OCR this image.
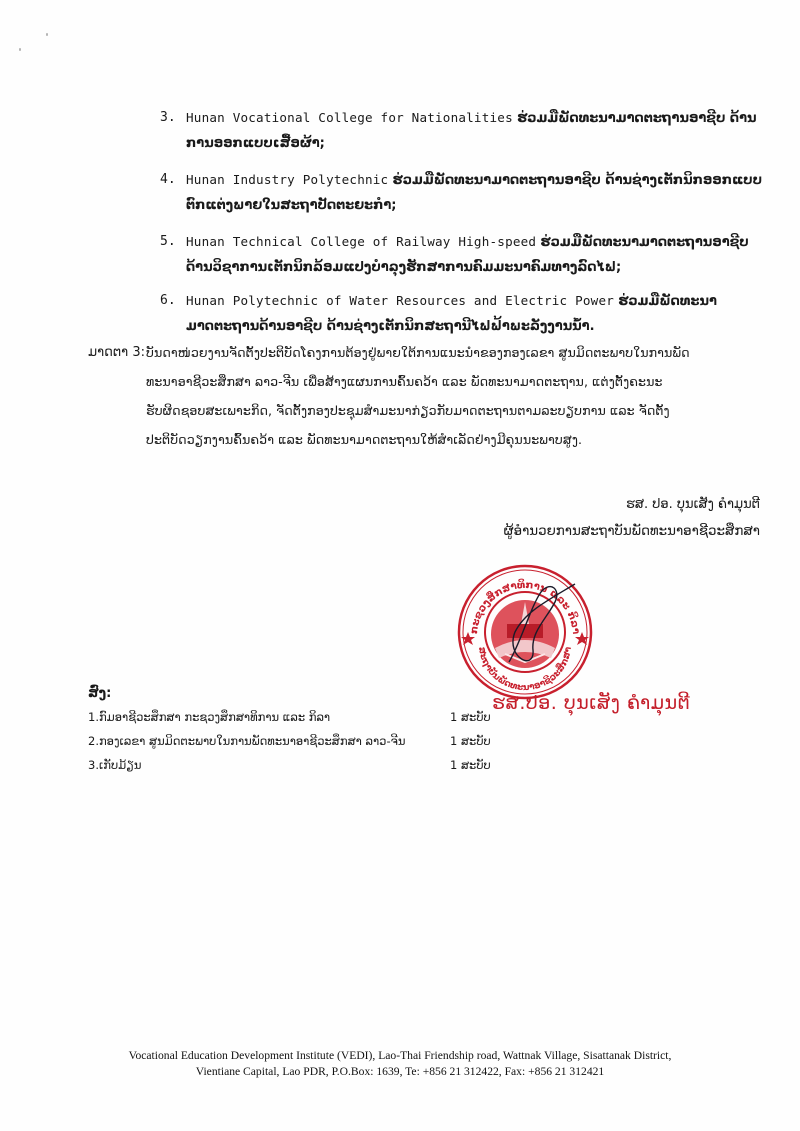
3. Hunan Vocational College for Nationalities ຮ່ວມມືພັດທະນາມາດຕະຖານອາຊີບ ດ້ານ
ການອອກແບບເສື້ອຜ້າ;
4. Hunan Industry Polytechnic ຮ່ວມມືພັດທະນາມາດຕະຖານອາຊີບ ດ້ານຊ່າງເຕັກນິກອອກແບບ
ຕົກແຕ່ງພາຍໃນສະຖາປັດຕະຍະກຳ;
5. Hunan Technical College of Railway High-speed ຮ່ວມມືພັດທະນາມາດຕະຖານອາຊີບ
ດ້ານວິຊາການເຕັກນິກລ້ອມແປງບຳລຸງຮັກສາການຄົມມະນາຄົມທາງລົດໄຟ;
6. Hunan Polytechnic of Water Resources and Electric Power ຮ່ວມມືພັດທະນາ
ມາດຕະຖານດ້ານອາຊີບ ດ້ານຊ່າງເຕັກນິກສະຖານີໄຟຟ້າພະລັງງານນ້ຳ.
ມາດຕາ 3: ບັນດາໜ່ວຍງານຈັດຕັ້ງປະຕິບັດໂຄງການຕ້ອງຢູ່ພາຍໃຕ້ການແນະນຳຂອງກອງເລຂາ ສູນມິດຕະພາບໃນການພັດ
ທະນາອາຊີວະສຶກສາ ລາວ-ຈີນ ເພື່ອສ້າງແຜນການຄົ້ນຄວ້າ ແລະ ພັດທະນາມາດຕະຖານ, ແຕ່ງຕັ້ງຄະນະ
ຮັບຜິດຊອບສະເພາະກິດ, ຈັດຕັ້ງກອງປະຊຸມສຳມະນາກ່ຽວກັບມາດຕະຖານຕາມລະບຽບການ ແລະ ຈັດຕັ້ງ
ປະຕິບັດວຽກງານຄົ້ນຄວ້າ ແລະ ພັດທະນາມາດຕະຖານໃຫ້ສຳເລັດຢ່າງມີຄຸນນະພາບສູງ.
ຮສ. ປອ. ບຸນເສັງ ຄຳມຸນຕີ
ຜູ້ອຳນວຍການສະຖາບັນພັດທະນາອາຊີວະສຶກສາ
ກະຊວງສຶກສາທິການ ແລະ ກິລາ
ສະຖາບັນພັດທະນາອາຊີວະສຶກສາ
ຮສ.ປອ. ບຸນເສັງ ຄຳມຸນຕີ
ສົ່ງ:
1.ກົມອາຊີວະສຶກສາ ກະຊວງສຶກສາທິການ ແລະ ກິລາ	1 ສະບັບ
2.ກອງເລຂາ ສູນມິດຕະພາບໃນການພັດທະນາອາຊີວະສຶກສາ ລາວ-ຈີນ	1 ສະບັບ
3.ເກັບມ້ຽນ	1 ສະບັບ
Vocational Education Development Institute (VEDI), Lao-Thai Friendship road, Wattnak Village, Sisattanak District,
Vientiane Capital, Lao PDR, P.O.Box: 1639, Te: +856 21 312422, Fax: +856 21 312421
